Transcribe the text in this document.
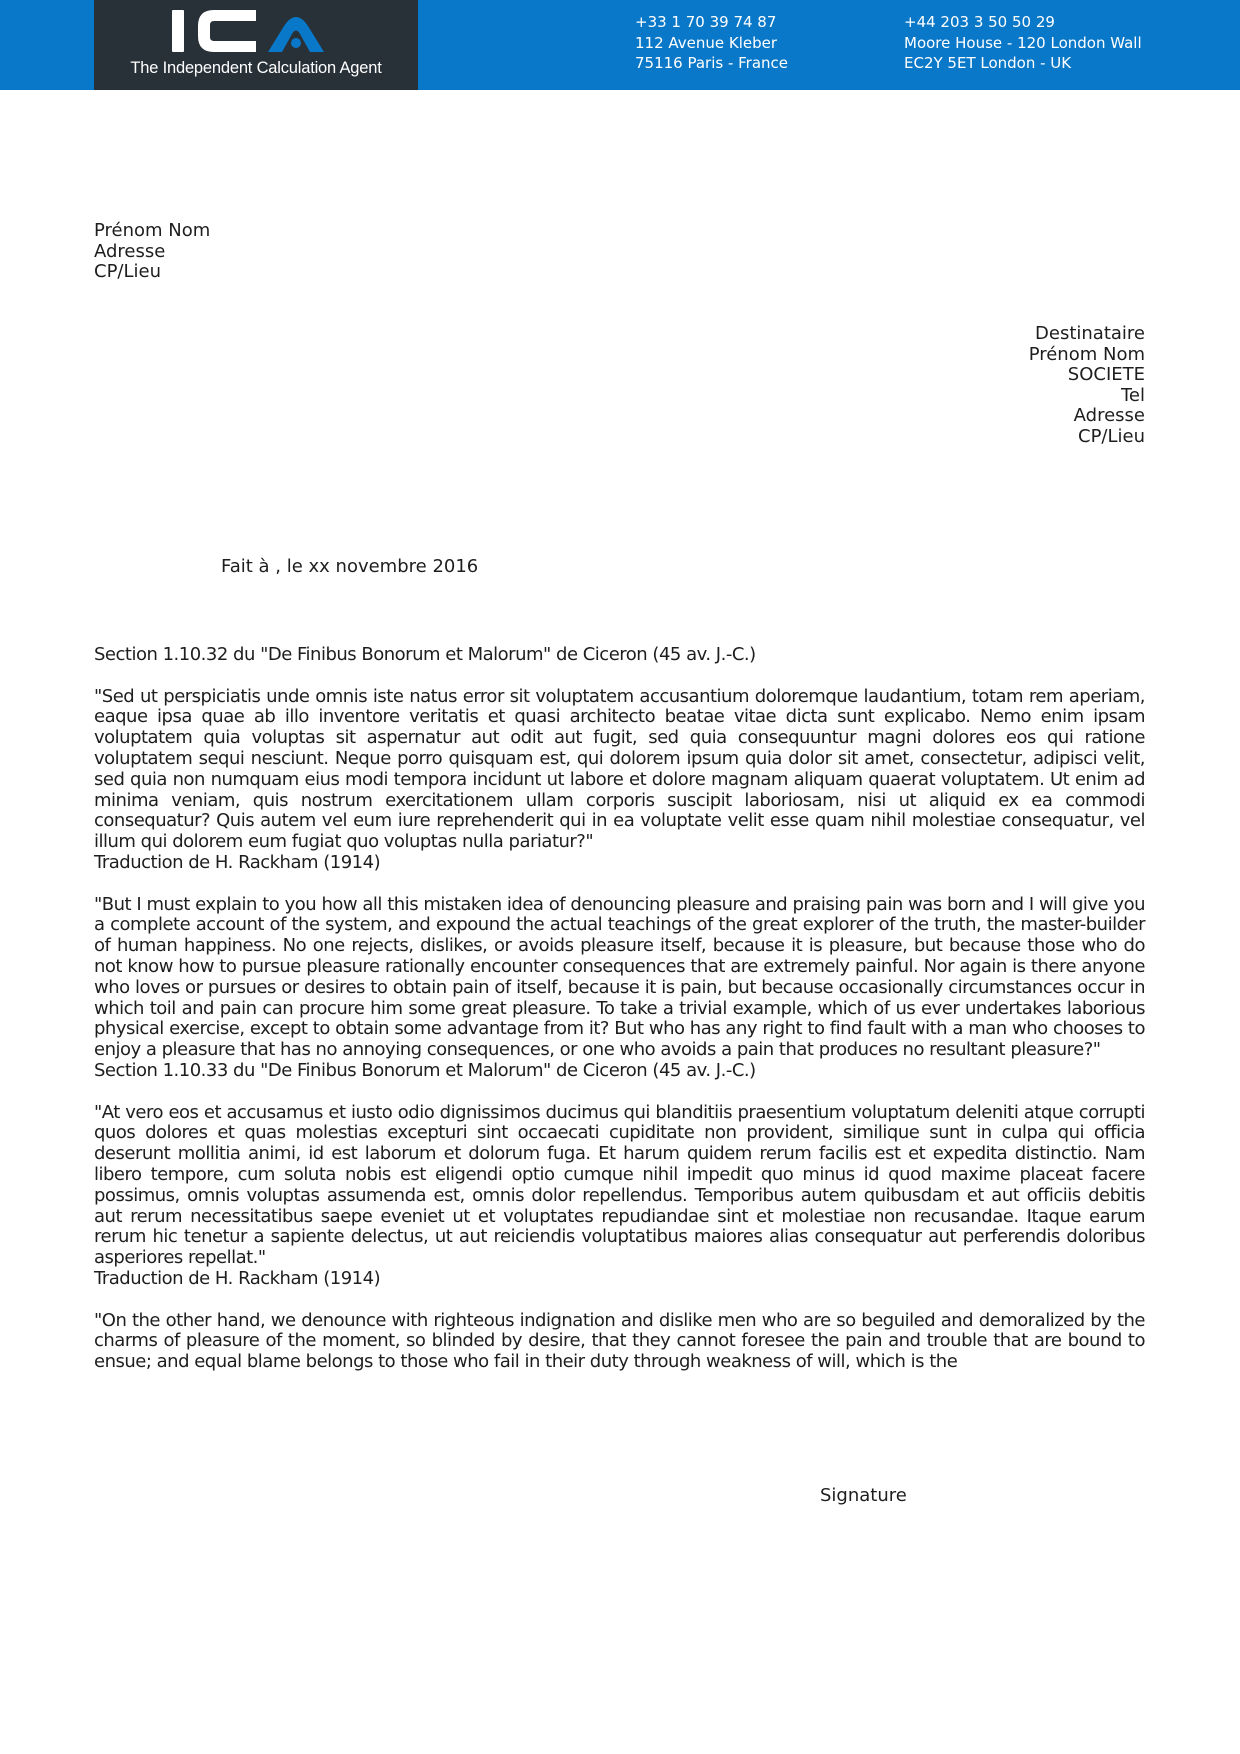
The Independent Calculation Agent
+33 1 70 39 74 87
112 Avenue Kleber
75116 Paris - France
+44 203 3 50 50 29
Moore House - 120 London Wall
EC2Y 5ET London - UK
Prénom Nom
Adresse
CP/Lieu
Destinataire
Prénom Nom
SOCIETE
Tel
Adresse
CP/Lieu
Fait à , le xx novembre 2016
Section 1.10.32 du "De Finibus Bonorum et Malorum" de Ciceron (45 av. J.-C.)
"Sed ut perspiciatis unde omnis iste natus error sit voluptatem accusantium doloremque laudantium, totam rem aperiam, eaque ipsa quae ab illo inventore veritatis et quasi architecto beatae vitae dicta sunt explicabo. Nemo enim ipsam voluptatem quia voluptas sit aspernatur aut odit aut fugit, sed quia consequuntur magni dolores eos qui ratione voluptatem sequi nesciunt. Neque porro quisquam est, qui dolorem ipsum quia dolor sit amet, consectetur, adipisci velit, sed quia non numquam eius modi tempora incidunt ut labore et dolore magnam aliquam quaerat voluptatem. Ut enim ad minima veniam, quis nostrum exercitationem ullam corporis suscipit laboriosam, nisi ut aliquid ex ea commodi consequatur? Quis autem vel eum iure reprehenderit qui in ea voluptate velit esse quam nihil molestiae consequatur, vel illum qui dolorem eum fugiat quo voluptas nulla pariatur?"
Traduction de H. Rackham (1914)
"But I must explain to you how all this mistaken idea of denouncing pleasure and praising pain was born and I will give you a complete account of the system, and expound the actual teachings of the great explorer of the truth, the master-builder of human happiness. No one rejects, dislikes, or avoids pleasure itself, because it is pleasure, but because those who do not know how to pursue pleasure rationally encounter consequences that are extremely painful. Nor again is there anyone who loves or pursues or desires to obtain pain of itself, because it is pain, but because occasionally circumstances occur in which toil and pain can procure him some great pleasure. To take a trivial example, which of us ever undertakes laborious physical exercise, except to obtain some advantage from it? But who has any right to find fault with a man who chooses to enjoy a pleasure that has no annoying consequences, or one who avoids a pain that produces no resultant pleasure?"
Section 1.10.33 du "De Finibus Bonorum et Malorum" de Ciceron (45 av. J.-C.)
"At vero eos et accusamus et iusto odio dignissimos ducimus qui blanditiis praesentium voluptatum deleniti atque corrupti quos dolores et quas molestias excepturi sint occaecati cupiditate non provident, similique sunt in culpa qui officia deserunt mollitia animi, id est laborum et dolorum fuga. Et harum quidem rerum facilis est et expedita distinctio. Nam libero tempore, cum soluta nobis est eligendi optio cumque nihil impedit quo minus id quod maxime placeat facere possimus, omnis voluptas assumenda est, omnis dolor repellendus. Temporibus autem quibusdam et aut officiis debitis aut rerum necessitatibus saepe eveniet ut et voluptates repudiandae sint et molestiae non recusandae. Itaque earum rerum hic tenetur a sapiente delectus, ut aut reiciendis voluptatibus maiores alias consequatur aut perferendis doloribus asperiores repellat."
Traduction de H. Rackham (1914)
"On the other hand, we denounce with righteous indignation and dislike men who are so beguiled and demoralized by the charms of pleasure of the moment, so blinded by desire, that they cannot foresee the pain and trouble that are bound to ensue; and equal blame belongs to those who fail in their duty through weakness of will, which is the
Signature
